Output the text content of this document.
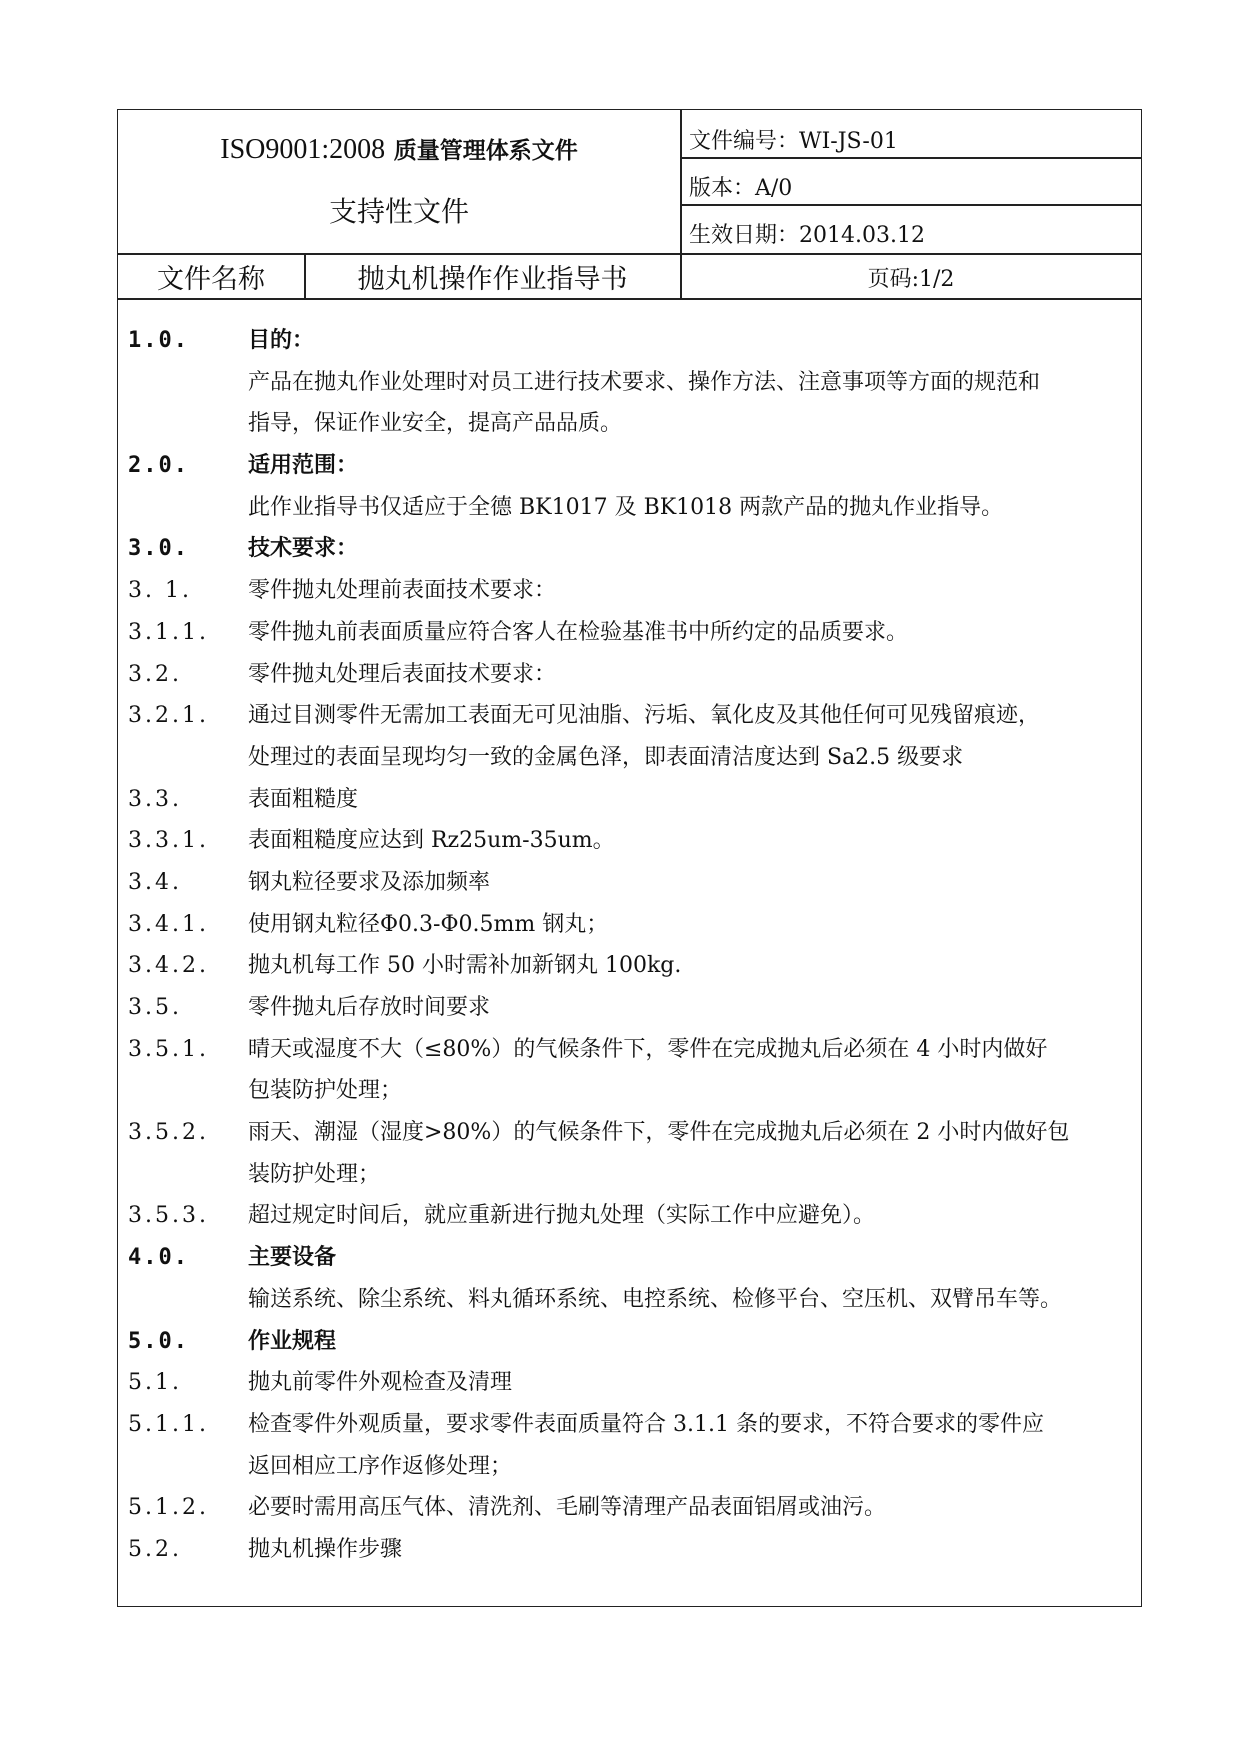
ISO9001:2008 质量管理体系文件
支持性文件
文件编号：WI-JS-01
版本：A/0
生效日期：2014.03.12
文件名称	抛丸机操作作业指导书	页码:1/2
1.0.	目的：
产品在抛丸作业处理时对员工进行技术要求、操作方法、注意事项等方面的规范和
指导，保证作业安全，提高产品品质。
2.0.	适用范围：
此作业指导书仅适应于全德 BK1017 及 BK1018 两款产品的抛丸作业指导。
3.0.	技术要求：
3. 1.	零件抛丸处理前表面技术要求：
3.1.1. 零件抛丸前表面质量应符合客人在检验基准书中所约定的品质要求。
3.2.	零件抛丸处理后表面技术要求：
3.2.1. 通过目测零件无需加工表面无可见油脂、污垢、氧化皮及其他任何可见残留痕迹，
处理过的表面呈现均匀一致的金属色泽，即表面清洁度达到 Sa2.5 级要求
3.3.	表面粗糙度
3.3.1. 表面粗糙度应达到 Rz25um-35um。
3.4.	钢丸粒径要求及添加频率
3.4.1. 使用钢丸粒径Φ0.3-Φ0.5mm 钢丸；
3.4.2. 抛丸机每工作 50 小时需补加新钢丸 100kg.
3.5.	零件抛丸后存放时间要求
3.5.1. 晴天或湿度不大（≤80%）的气候条件下，零件在完成抛丸后必须在 4 小时内做好
包装防护处理；
3.5.2. 雨天、潮湿（湿度>80%）的气候条件下，零件在完成抛丸后必须在 2 小时内做好包
装防护处理；
3.5.3. 超过规定时间后，就应重新进行抛丸处理（实际工作中应避免）。
4.0.	主要设备
输送系统、除尘系统、料丸循环系统、电控系统、检修平台、空压机、双臂吊车等。
5.0.	作业规程
5.1.	抛丸前零件外观检查及清理
5.1.1. 检查零件外观质量，要求零件表面质量符合 3.1.1 条的要求，不符合要求的零件应
返回相应工序作返修处理；
5.1.2. 必要时需用高压气体、清洗剂、毛刷等清理产品表面铝屑或油污。
5.2.	抛丸机操作步骤
